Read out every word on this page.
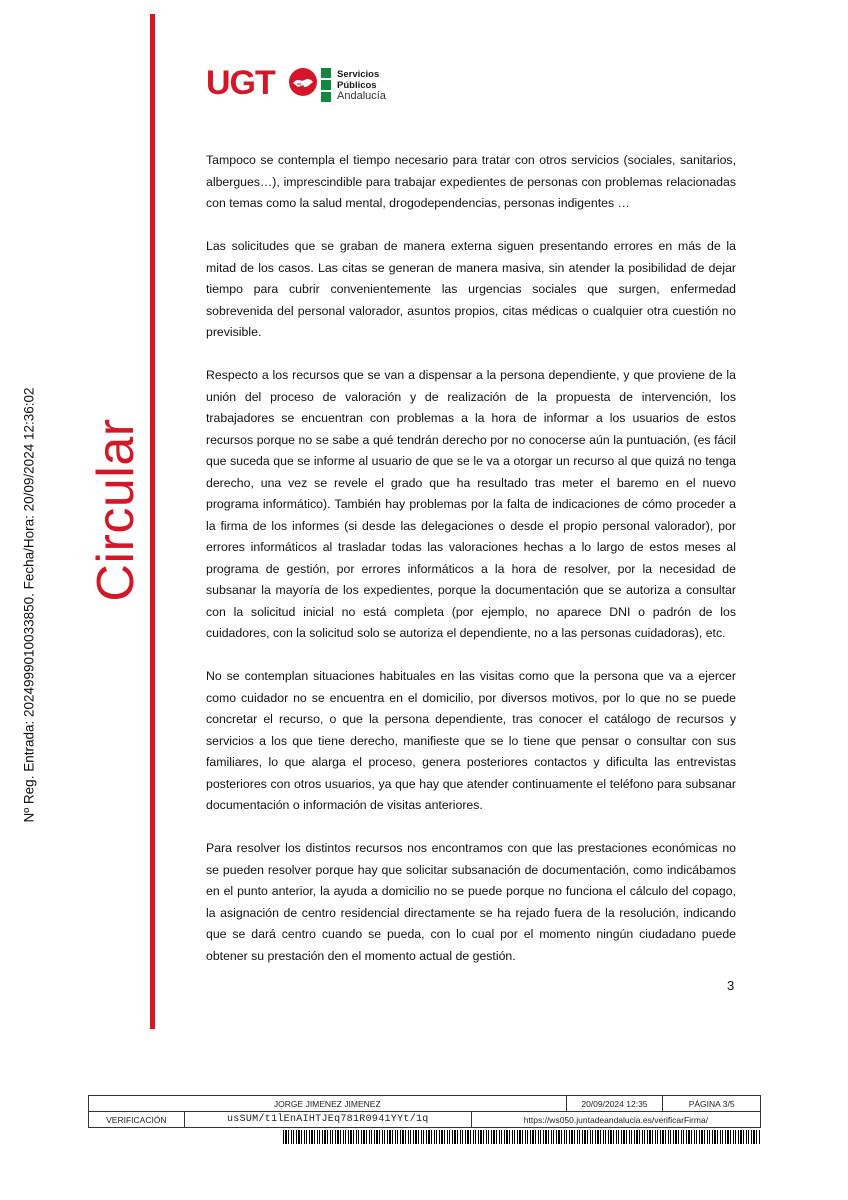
Nº Reg. Entrada: 2024999010033850. Fecha/Hora: 20/09/2024 12:36:02 Circular
UGT	Servicios
Públicos
Andalucía

Tampoco se contempla el tiempo necesario para tratar con otros servicios (sociales, sanitarios, albergues…), imprescindible para trabajar expedientes de personas con problemas relacionadas con temas como la salud mental, drogodependencias, personas indigentes …

Las solicitudes que se graban de manera externa siguen presentando errores en más de la mitad de los casos. Las citas se generan de manera masiva, sin atender la posibilidad de dejar tiempo para cubrir convenientemente las urgencias sociales que surgen, enfermedad sobrevenida del personal valorador, asuntos propios, citas médicas o cualquier otra cuestión no previsible.

Respecto a los recursos que se van a dispensar a la persona dependiente, y que proviene de la unión del proceso de valoración y de realización de la propuesta de intervención, los trabajadores se encuentran con problemas a la hora de informar a los usuarios de estos recursos porque no se sabe a qué tendrán derecho por no conocerse aún la puntuación, (es fácil que suceda que se informe al usuario de que se le va a otorgar un recurso al que quizá no tenga derecho, una vez se revele el grado que ha resultado tras meter el baremo en el nuevo programa informático). También hay problemas por la falta de indicaciones de cómo proceder a la firma de los informes (si desde las delegaciones o desde el propio personal valorador), por errores informáticos al trasladar todas las valoraciones hechas a lo largo de estos meses al programa de gestión, por errores informáticos a la hora de resolver, por la necesidad de subsanar la mayoría de los expedientes, porque la documentación que se autoriza a consultar con la solicitud inicial no está completa (por ejemplo, no aparece DNI o padrón de los cuidadores, con la solicitud solo se autoriza el dependiente, no a las personas cuidadoras), etc.

No se contemplan situaciones habituales en las visitas como que la persona que va a ejercer como cuidador no se encuentra en el domicilio, por diversos motivos, por lo que no se puede concretar el recurso, o que la persona dependiente, tras conocer el catálogo de recursos y servicios a los que tiene derecho, manifieste que se lo tiene que pensar o consultar con sus familiares, lo que alarga el proceso, genera posteriores contactos y dificulta las entrevistas posteriores con otros usuarios, ya que hay que atender continuamente el teléfono para subsanar documentación o información de visitas anteriores.

Para resolver los distintos recursos nos encontramos con que las prestaciones económicas no se pueden resolver porque hay que solicitar subsanación de documentación, como indicábamos en el punto anterior, la ayuda a domicilio no se puede porque no funciona el cálculo del copago, la asignación de centro residencial directamente se ha rejado fuera de la resolución, indicando que se dará centro cuando se pueda, con lo cual por el momento ningún ciudadano puede obtener su prestación den el momento actual de gestión.

3
JORGE JIMENEZ JIMENEZ	20/09/2024 12:35	PÁGINA 3/5
VERIFICACIÓN	usSUM/t1lEnAIHTJEq781R0941YYt/1q	https://ws050.juntadeandalucia.es/verificarFirma/
